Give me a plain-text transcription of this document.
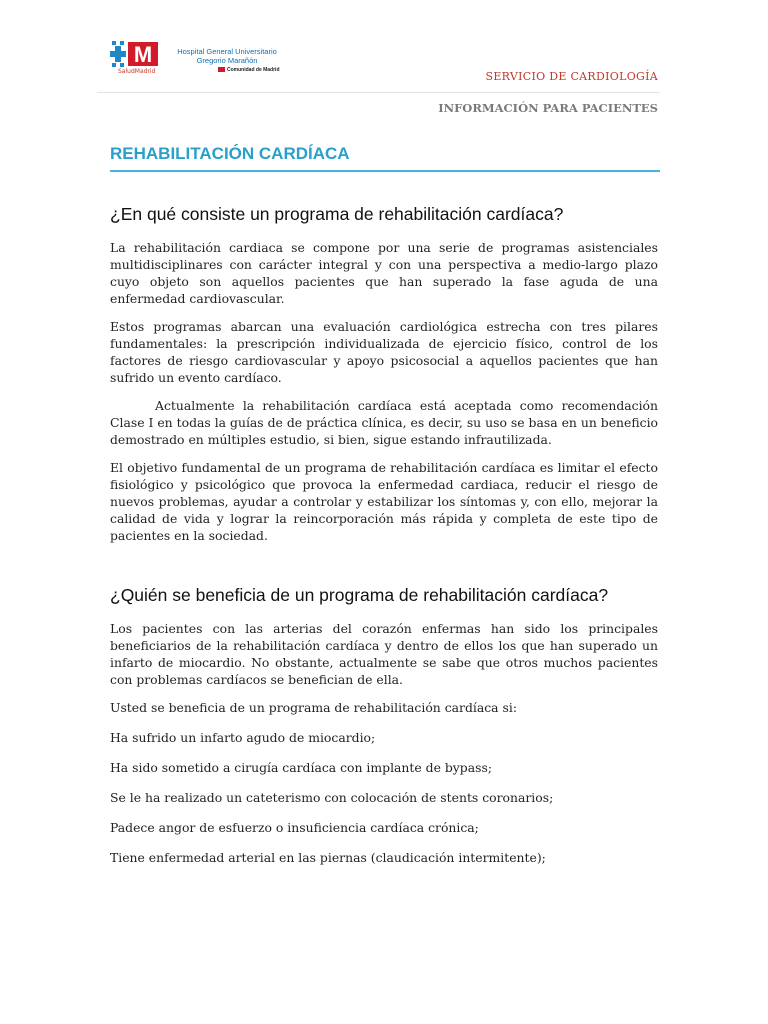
M
SaludMadrid
Hospital General Universitario
Gregorio Marañón
Comunidad de Madrid	SERVICIO DE CARDIOLOGÍA
INFORMACIÓN PARA PACIENTES
REHABILITACIÓN CARDÍACA
¿En qué consiste un programa de rehabilitación cardíaca?

La rehabilitación cardiaca se compone por una serie de programas asistenciales multidisciplinares con carácter integral y con una perspectiva a medio-largo plazo cuyo objeto son aquellos pacientes que han superado la fase aguda de una enfermedad cardiovascular.

Estos programas abarcan una evaluación cardiológica estrecha con tres pilares fundamentales: la prescripción individualizada de ejercicio físico, control de los factores de riesgo cardiovascular y apoyo psicosocial a aquellos pacientes que han sufrido un evento cardíaco.

Actualmente la rehabilitación cardíaca está aceptada como recomendación Clase I en todas la guías de de práctica clínica, es decir, su uso se basa en un beneficio demostrado en múltiples estudio, si bien, sigue estando infrautilizada.

El objetivo fundamental de un programa de rehabilitación cardíaca es limitar el efecto fisiológico y psicológico que provoca la enfermedad cardiaca, reducir el riesgo de nuevos problemas, ayudar a controlar y estabilizar los síntomas y, con ello, mejorar la calidad de vida y lograr la reincorporación más rápida y completa de este tipo de pacientes en la sociedad.

¿Quién se beneficia de un programa de rehabilitación cardíaca?

Los pacientes con las arterias del corazón enfermas han sido los principales beneficiarios de la rehabilitación cardíaca y dentro de ellos los que han superado un infarto de miocardio. No obstante, actualmente se sabe que otros muchos pacientes con problemas cardíacos se benefician de ella.

Usted se beneficia de un programa de rehabilitación cardíaca si:

Ha sufrido un infarto agudo de miocardio;

Ha sido sometido a cirugía cardíaca con implante de bypass;

Se le ha realizado un cateterismo con colocación de stents coronarios;

Padece angor de esfuerzo o insuficiencia cardíaca crónica;

Tiene enfermedad arterial en las piernas (claudicación intermitente);
